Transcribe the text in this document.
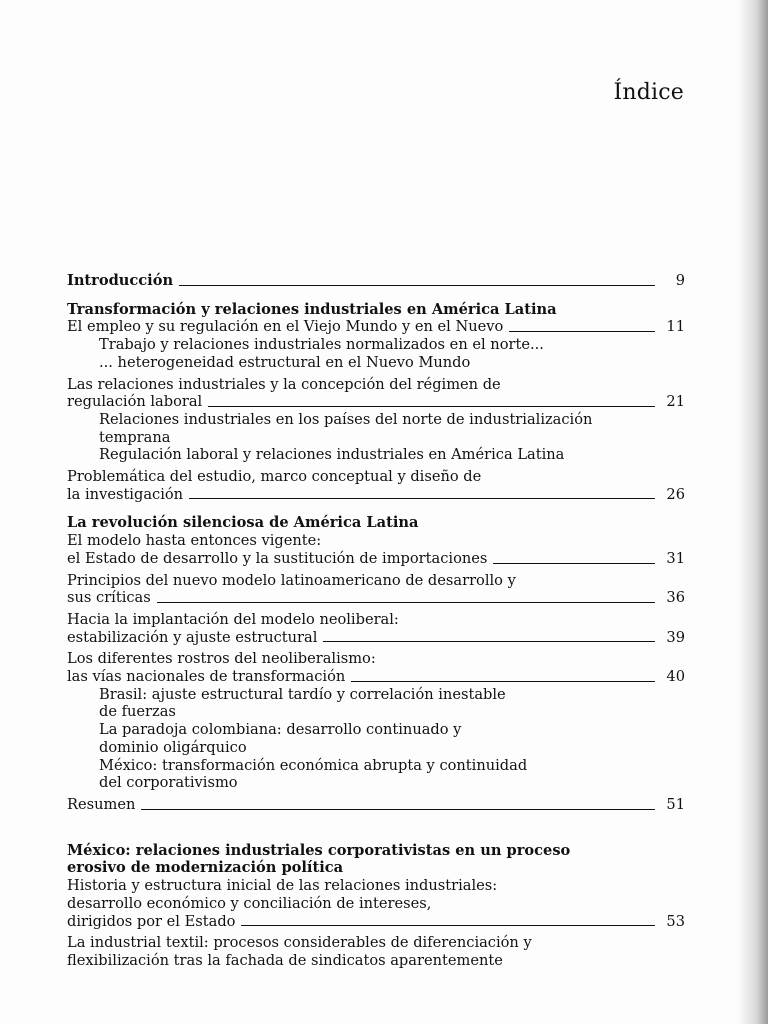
Índice
Introducción	9
Transformación y relaciones industriales en América Latina
El empleo y su regulación en el Viejo Mundo y en el Nuevo	11
Trabajo y relaciones industriales normalizados en el norte...
... heterogeneidad estructural en el Nuevo Mundo
Las relaciones industriales y la concepción del régimen de
regulación laboral	21
Relaciones industriales en los países del norte de industrialización
temprana
Regulación laboral y relaciones industriales en América Latina
Problemática del estudio, marco conceptual y diseño de
la investigación	26
La revolución silenciosa de América Latina
El modelo hasta entonces vigente:
el Estado de desarrollo y la sustitución de importaciones	31
Principios del nuevo modelo latinoamericano de desarrollo y
sus críticas	36
Hacia la implantación del modelo neoliberal:
estabilización y ajuste estructural	39
Los diferentes rostros del neoliberalismo:
las vías nacionales de transformación	40
Brasil: ajuste estructural tardío y correlación inestable
de fuerzas
La paradoja colombiana: desarrollo continuado y
dominio oligárquico
México: transformación económica abrupta y continuidad
del corporativismo
Resumen	51
México: relaciones industriales corporativistas en un proceso
erosivo de modernización política
Historia y estructura inicial de las relaciones industriales:
desarrollo económico y conciliación de intereses,
dirigidos por el Estado	53
La industrial textil: procesos considerables de diferenciación y
flexibilización tras la fachada de sindicatos aparentemente
